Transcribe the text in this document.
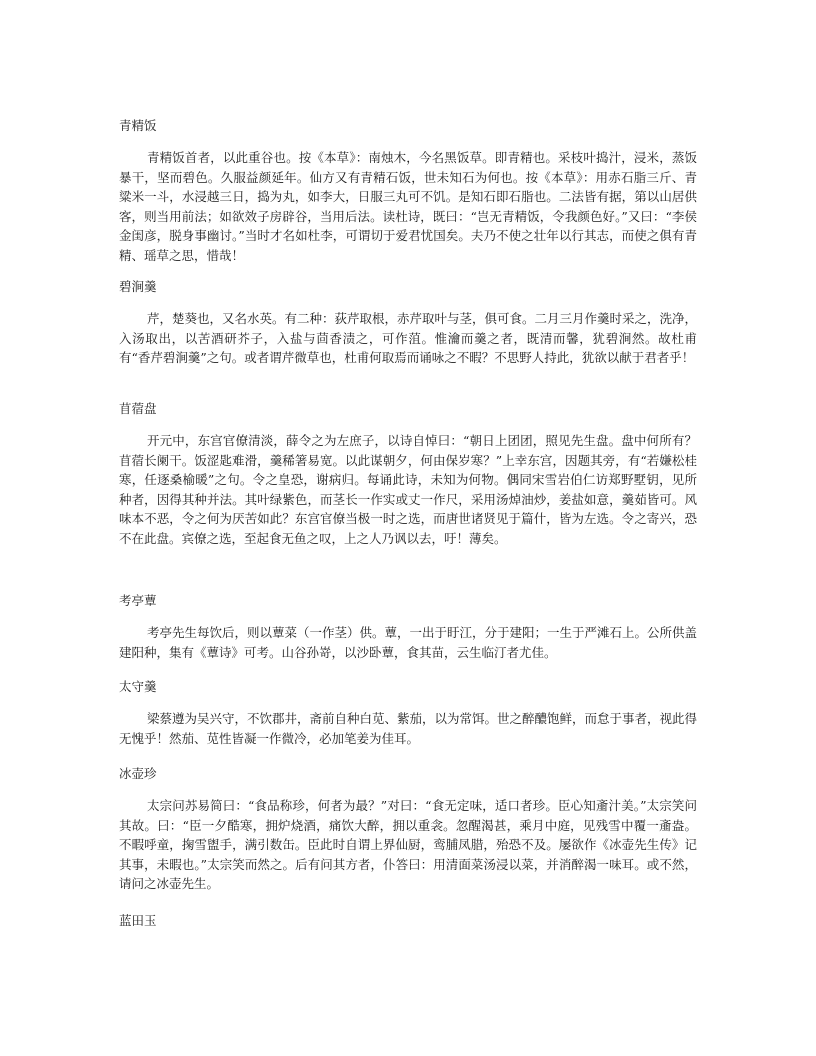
青精饭

青精饭首者，以此重谷也。按《本草》：南烛木，今名黑饭草。即青精也。采枝叶捣汁，浸米，蒸饭暴干，坚而碧色。久服益颜延年。仙方又有青精石饭，世未知石为何也。按《本草》：用赤石脂三斤、青粱米一斗，水浸越三日，捣为丸，如李大，日服三丸可不饥。是知石即石脂也。二法皆有据，第以山居供客，则当用前法；如欲效子房辟谷，当用后法。读杜诗，既曰：“岂无青精饭，令我颜色好。”又曰：“李侯金闺彦，脱身事幽讨。”当时才名如杜李，可谓切于爱君忧国矣。夫乃不使之壮年以行其志，而使之俱有青精、瑶草之思，惜哉！

碧涧羹

芹，楚葵也，又名水英。有二种：荻芹取根，赤芹取叶与茎，俱可食。二月三月作羹时采之，洗净，入汤取出，以苦酒研芥子，入盐与茴香渍之，可作菹。惟瀹而羹之者，既清而馨，犹碧涧然。故杜甫有“香芹碧涧羹”之句。或者谓芹微草也，杜甫何取焉而诵咏之不暇？不思野人持此，犹欲以献于君者乎！

苜蓿盘

开元中，东宫官僚清淡，薛令之为左庶子，以诗自悼曰：“朝日上团团，照见先生盘。盘中何所有？苜蓿长阑干。饭涩匙难滑，羹稀箸易宽。以此谋朝夕，何由保岁寒？”上幸东宫，因题其旁，有“若嫌松桂寒，任逐桑榆暖”之句。令之皇恐，谢病归。每诵此诗，未知为何物。偶同宋雪岩伯仁访郑野墅钥，见所种者，因得其种并法。其叶绿紫色，而茎长一作实或丈一作尺，采用汤焯油炒，姜盐如意，羹茹皆可。风味本不恶，令之何为厌苦如此？东宫官僚当极一时之选，而唐世诸贤见于篇什，皆为左选。令之寄兴，恐不在此盘。宾僚之选，至起食无鱼之叹，上之人乃讽以去，吁！薄矣。

考亭蕈

考亭先生每饮后，则以蕈菜（一作茎）供。蕈，一出于盱江，分于建阳；一生于严滩石上。公所供盖建阳种，集有《蕈诗》可考。山谷孙嵜，以沙卧蕈，食其苗，云生临汀者尤佳。

太守羹

梁蔡遵为吴兴守，不饮郡井，斋前自种白苋、紫茄，以为常饵。世之醉醲饱鲜，而怠于事者，视此得无愧乎！然茄、苋性皆凝一作微冷，必加笔姜为佳耳。

冰壶珍

太宗问苏易简曰：“食品称珍，何者为最？”对曰：“食无定味，适口者珍。臣心知齑汁美。”太宗笑问其故。曰：“臣一夕酷寒，拥炉烧酒，痛饮大醉，拥以重衾。忽醒渴甚，乘月中庭，见残雪中覆一齑盎。不暇呼童，掬雪盥手，满引数缶。臣此时自谓上界仙厨，鸾脯凤腊，殆恐不及。屡欲作《冰壶先生传》记其事，未暇也。”太宗笑而然之。后有问其方者，仆答曰：用清面菜汤浸以菜，并消醉渴一味耳。或不然，请问之冰壶先生。

蓝田玉
